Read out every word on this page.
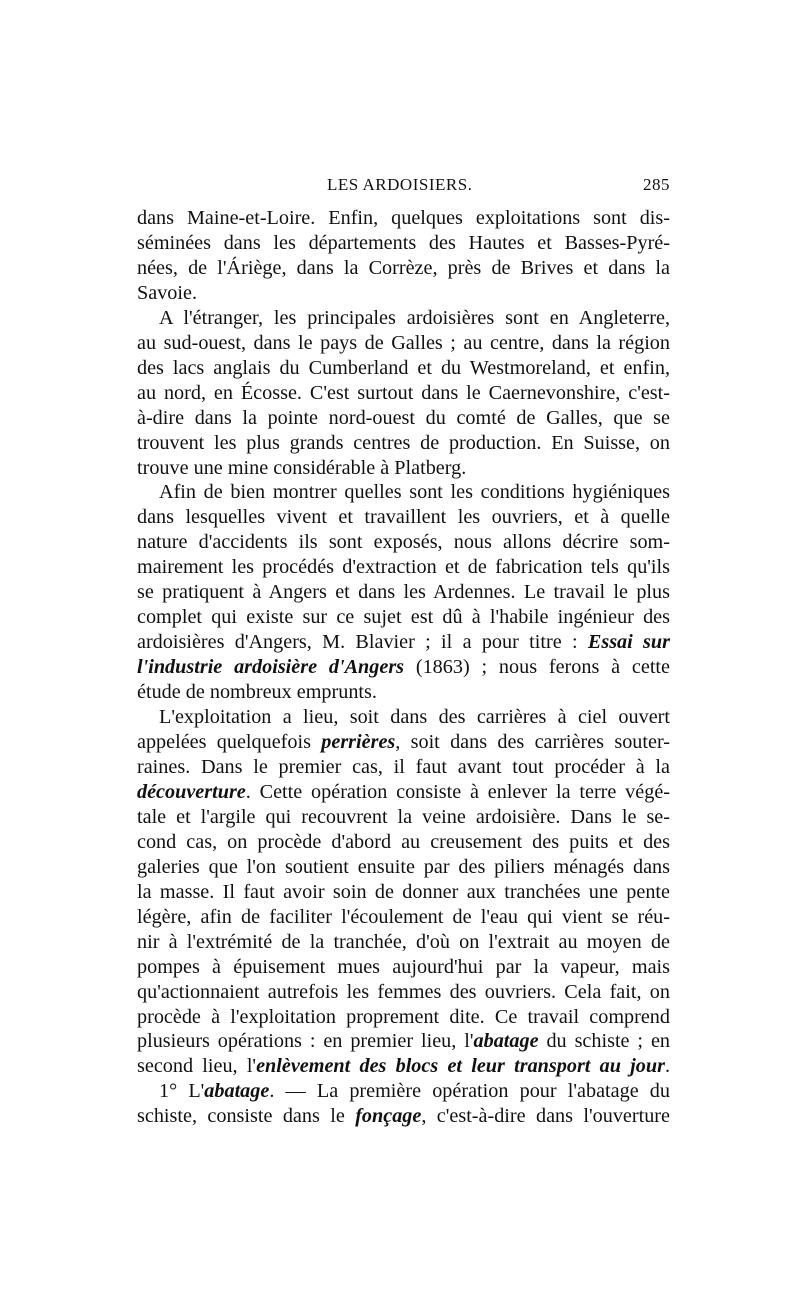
LES ARDOISIERS.	285
dans Maine-et-Loire. Enfin, quelques exploitations sont dis-
séminées dans les départements des Hautes et Basses-Pyré-
nées, de l'Áriège, dans la Corrèze, près de Brives et dans la
Savoie.
A l'étranger, les principales ardoisières sont en Angleterre,
au sud-ouest, dans le pays de Galles ; au centre, dans la région
des lacs anglais du Cumberland et du Westmoreland, et enfin,
au nord, en Écosse. C'est surtout dans le Caernevonshire, c'est-
à-dire dans la pointe nord-ouest du comté de Galles, que se
trouvent les plus grands centres de production. En Suisse, on
trouve une mine considérable à Platberg.
Afin de bien montrer quelles sont les conditions hygiéniques
dans lesquelles vivent et travaillent les ouvriers, et à quelle
nature d'accidents ils sont exposés, nous allons décrire som-
mairement les procédés d'extraction et de fabrication tels qu'ils
se pratiquent à Angers et dans les Ardennes. Le travail le plus
complet qui existe sur ce sujet est dû à l'habile ingénieur des
ardoisières d'Angers, M. Blavier ; il a pour titre : Essai sur
l'industrie ardoisière d'Angers (1863) ; nous ferons à cette
étude de nombreux emprunts.
L'exploitation a lieu, soit dans des carrières à ciel ouvert
appelées quelquefois perrières, soit dans des carrières souter-
raines. Dans le premier cas, il faut avant tout procéder à la
découverture. Cette opération consiste à enlever la terre végé-
tale et l'argile qui recouvrent la veine ardoisière. Dans le se-
cond cas, on procède d'abord au creusement des puits et des
galeries que l'on soutient ensuite par des piliers ménagés dans
la masse. Il faut avoir soin de donner aux tranchées une pente
légère, afin de faciliter l'écoulement de l'eau qui vient se réu-
nir à l'extrémité de la tranchée, d'où on l'extrait au moyen de
pompes à épuisement mues aujourd'hui par la vapeur, mais
qu'actionnaient autrefois les femmes des ouvriers. Cela fait, on
procède à l'exploitation proprement dite. Ce travail comprend
plusieurs opérations : en premier lieu, l'abatage du schiste ; en
second lieu, l'enlèvement des blocs et leur transport au jour.
1° L'abatage. — La première opération pour l'abatage du
schiste, consiste dans le fonçage, c'est-à-dire dans l'ouverture
